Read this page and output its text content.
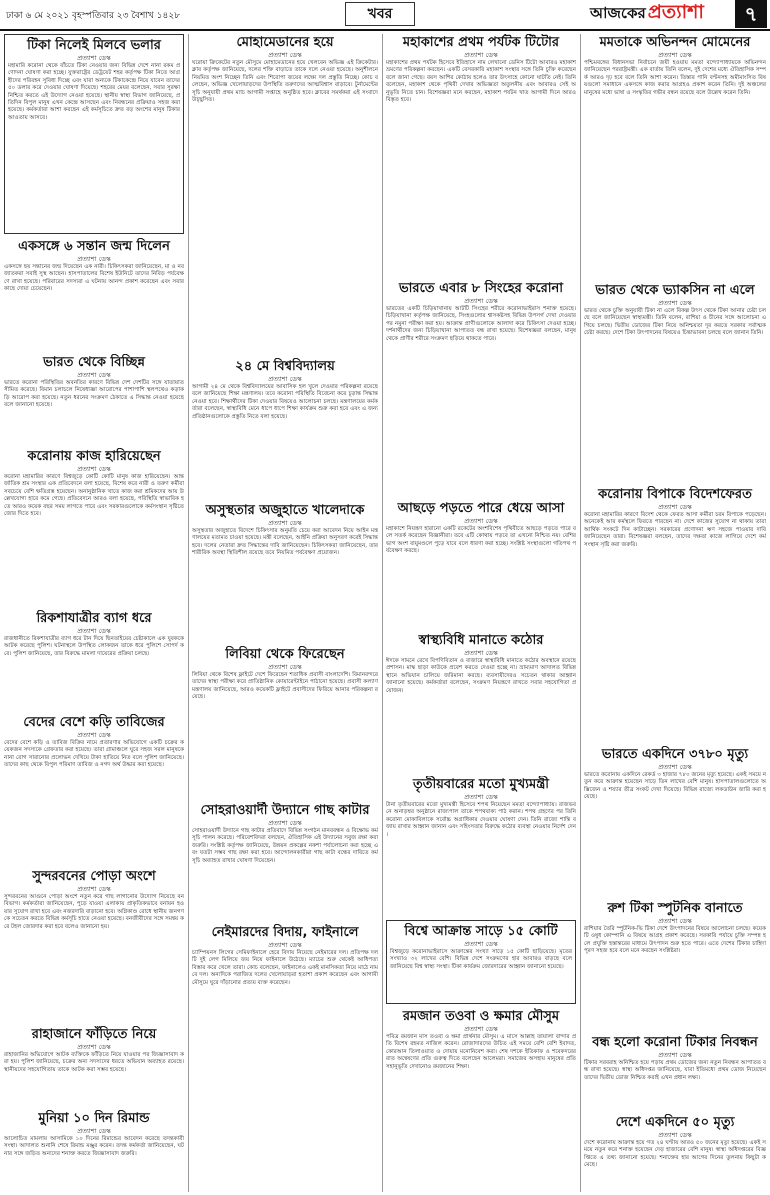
ঢাকা ৬ মে ২০২১ বৃহস্পতিবার ২৩ বৈশাখ ১৪২৮	খবর	আজকের প্রত্যাশা	৭
টিকা নিলেই মিলবে ভলার
প্রত্যাশা ডেস্ক
মহামারি করোনা থেকে বাঁচতে টিকা নেওয়ার জন্য বিভিন্ন দেশে নানা রকম প্রণোদনা ঘোষণা করা হচ্ছে। যুক্তরাষ্ট্রের ডেট্রয়েট শহর কর্তৃপক্ষ টিকা নিতে আগ্রহীদের পরিবহন সুবিধা দিচ্ছে এবং যারা অন্যকে টিকাকেন্দ্রে নিয়ে যাবেন তাদের ৫০ ডলার করে দেওয়ার ঘোষণা দিয়েছে। শহরের মেয়র বলেছেন, সবার সুরক্ষা নিশ্চিত করতে এই উদ্যোগ নেওয়া হয়েছে। স্থানীয় স্বাস্থ্য বিভাগ জানিয়েছে, প্রতিদিন বিপুল মানুষ এখন কেন্দ্রে আসছেন এবং নিবন্ধনের প্রক্রিয়াও সহজ করা হয়েছে। কর্মকর্তারা আশা করছেন এই কর্মসূচিতে দ্রুত বড় অংশের মানুষ টিকার আওতায় আসবে।
একসঙ্গে ৬ সন্তান জন্ম দিলেন
প্রত্যাশা ডেস্ক
একসঙ্গে ছয় সন্তানের জন্ম দিয়েছেন এক নারী। চিকিৎসকরা জানিয়েছেন, মা ও নবজাতকরা সবাই সুস্থ আছেন। হাসপাতালের বিশেষ ইউনিটে তাদের নিবিড় পর্যবেক্ষণে রাখা হয়েছে। পরিবারের সদস্যরা এ ঘটনায় আনন্দ প্রকাশ করেছেন এবং সবার কাছে দোয়া চেয়েছেন।
ভারত থেকে বিচ্ছিন্ন
প্রত্যাশা ডেস্ক
ভারতে করোনা পরিস্থিতির অবনতির কারণে বিভিন্ন দেশ দেশটির সঙ্গে যাতায়াত সীমিত করেছে। বিমান চলাচলে নিষেধাজ্ঞা আরোপের পাশাপাশি স্থলপথেও কড়াকড়ি আরোপ করা হয়েছে। নতুন ধরনের সংক্রমণ ঠেকাতে এ সিদ্ধান্ত নেওয়া হয়েছে বলে জানানো হয়েছে।
করোনায় কাজ হারিয়েছেন
প্রত্যাশা ডেস্ক
করোনা মহামারির কারণে বিশ্বজুড়ে কোটি কোটি মানুষ কাজ হারিয়েছেন। আন্তর্জাতিক শ্রম সংস্থার এক প্রতিবেদনে বলা হয়েছে, বিশেষ করে নারী ও তরুণ কর্মীরা সবচেয়ে বেশি ক্ষতিগ্রস্ত হয়েছেন। অনানুষ্ঠানিক খাতে কাজ করা শ্রমিকদের আয় উল্লেখযোগ্য হারে কমে গেছে। প্রতিবেদনে আরও বলা হয়েছে, পরিস্থিতি স্বাভাবিক হতে আরও কয়েক বছর সময় লাগতে পারে এবং সরকারগুলোকে কর্মসংস্থান সৃষ্টিতে জোর দিতে হবে।
রিকশাযাত্রীর ব্যাগ ধরে
প্রত্যাশা ডেস্ক
রাজধানীতে রিকশাযাত্রীর ব্যাগ ধরে টান দিয়ে ছিনতাইয়ের চেষ্টাকালে এক যুবককে আটক করেছে পুলিশ। ঘটনাস্থলে উপস্থিত লোকজন তাকে ধরে পুলিশে সোপর্দ করে। পুলিশ জানিয়েছে, তার বিরুদ্ধে মামলা দায়েরের প্রক্রিয়া চলছে।
বেদের বেশে কড়ি তাবিজের
প্রত্যাশা ডেস্ক
বেদের বেশে কড়ি ও তাবিজ বিক্রির নামে প্রতারণার অভিযোগে একটি চক্রের কয়েকজন সদস্যকে গ্রেফতার করা হয়েছে। তারা গ্রামাঞ্চলে ঘুরে সহজ সরল মানুষকে নানা রোগ সারানোর প্রলোভন দেখিয়ে টাকা হাতিয়ে নিত বলে পুলিশ জানিয়েছে। তাদের কাছ থেকে বিপুল পরিমাণ তাবিজ ও নগদ অর্থ উদ্ধার করা হয়েছে।
সুন্দরবনের পোড়া অংশে
প্রত্যাশা ডেস্ক
সুন্দরবনের আগুনে পোড়া অংশে নতুন করে গাছ লাগানোর উদ্যোগ নিয়েছে বন বিভাগ। কর্মকর্তারা জানিয়েছেন, পুড়ে যাওয়া এলাকায় প্রাকৃতিকভাবে বনায়ন হওয়ার সুযোগ রাখা হবে এবং নজরদারি বাড়ানো হবে। অগ্নিকাণ্ড রোধে স্থানীয় জনগণকে সচেতন করতে বিভিন্ন কর্মসূচি হাতে নেওয়া হয়েছে। বনজীবীদের সঙ্গে সমন্বয় করে টহল জোরদার করা হবে বলেও জানানো হয়।
রাহাজানে ফাঁড়িতে নিয়ে
প্রত্যাশা ডেস্ক
রাহাজানির অভিযোগে আটক ব্যক্তিকে ফাঁড়িতে নিয়ে যাওয়ার পর জিজ্ঞাসাবাদ করা হয়। পুলিশ জানিয়েছে, চক্রের অন্য সদস্যদের ধরতে অভিযান অব্যাহত রয়েছে। স্থানীয়দের সহযোগিতায় তাকে আটক করা সম্ভব হয়েছে।
মুনিয়া ১০ দিন রিমান্ড
প্রত্যাশা ডেস্ক
আলোচিত মামলায় আসামিকে ১০ দিনের রিমান্ডের আবেদন করেছে তদন্তকারী সংস্থা। আদালত শুনানি শেষে রিমান্ড মঞ্জুর করেন। তদন্ত কর্মকর্তা জানিয়েছেন, ঘটনার সঙ্গে জড়িত অন্যদের শনাক্ত করতে জিজ্ঞাসাবাদ জরুরি।
মোহামেডানের হয়ে
প্রত্যাশা ডেস্ক
ঘরোয়া ক্রিকেটের নতুন মৌসুমে মোহামেডানের হয়ে খেলবেন অভিজ্ঞ এই ক্রিকেটার। ক্লাব কর্তৃপক্ষ জানিয়েছে, দলের শক্তি বাড়াতে তাকে দলে নেওয়া হয়েছে। অনুশীলনে নিয়মিত অংশ নিচ্ছেন তিনি এবং শিরোপা জয়ের লক্ষ্যে দল প্রস্তুতি নিচ্ছে। কোচ বলেছেন, অভিজ্ঞ খেলোয়াড়দের উপস্থিতি তরুণদের আত্মবিশ্বাস বাড়াবে। টুর্নামেন্টের সূচি অনুযায়ী প্রথম ম্যাচ আগামী সপ্তাহে অনুষ্ঠিত হবে। ক্লাবের সমর্থকরা এই সংবাদে উচ্ছ্বসিত।
২৪ মে বিশ্ববিদ্যালয়
প্রত্যাশা ডেস্ক
আগামী ২৪ মে থেকে বিশ্ববিদ্যালয়ের আবাসিক হল খুলে দেওয়ার পরিকল্পনা রয়েছে বলে জানিয়েছে শিক্ষা মন্ত্রণালয়। তবে করোনা পরিস্থিতি বিবেচনা করে চূড়ান্ত সিদ্ধান্ত নেওয়া হবে। শিক্ষার্থীদের টিকা দেওয়ার বিষয়েও আলোচনা চলছে। মন্ত্রণালয়ের কর্মকর্তারা বলেছেন, স্বাস্থ্যবিধি মেনে ধাপে ধাপে শিক্ষা কার্যক্রম শুরু করা হবে এবং এ জন্য প্রতিষ্ঠানগুলোকে প্রস্তুতি নিতে বলা হয়েছে।
অসুস্থতার অজুহাতে খালেদাকে
প্রত্যাশা ডেস্ক
অসুস্থতার অজুহাতে বিদেশে চিকিৎসার অনুমতি চেয়ে করা আবেদন নিয়ে আইন মন্ত্রণালয়ের মতামত চাওয়া হয়েছে। মন্ত্রী বলেছেন, আইনি প্রক্রিয়া অনুসরণ করেই সিদ্ধান্ত হবে। দলের নেতারা দ্রুত সিদ্ধান্তের দাবি জানিয়েছেন। চিকিৎসকরা জানিয়েছেন, তার শারীরিক অবস্থা স্থিতিশীল রয়েছে তবে নিয়মিত পর্যবেক্ষণ প্রয়োজন।
লিবিয়া থেকে ফিরেছেন
প্রত্যাশা ডেস্ক
লিবিয়া থেকে বিশেষ ফ্লাইটে দেশে ফিরেছেন শতাধিক প্রবাসী বাংলাদেশি। বিমানবন্দরে তাদের স্বাস্থ্য পরীক্ষা করে প্রাতিষ্ঠানিক কোয়ারেন্টাইনে পাঠানো হয়েছে। প্রবাসী কল্যাণ মন্ত্রণালয় জানিয়েছে, আরও কয়েকটি ফ্লাইটে প্রবাসীদের ফিরিয়ে আনার পরিকল্পনা রয়েছে।
সোহরাওয়ার্দী উদ্যানে গাছ কাটার
প্রত্যাশা ডেস্ক
সোহরাওয়ার্দী উদ্যানে গাছ কাটার প্রতিবাদে বিভিন্ন সংগঠন মানববন্ধন ও বিক্ষোভ কর্মসূচি পালন করেছে। পরিবেশবিদরা বলছেন, ঐতিহাসিক এই উদ্যানের সবুজ রক্ষা করা জরুরি। সংশ্লিষ্ট কর্তৃপক্ষ জানিয়েছে, উন্নয়ন প্রকল্পের নকশা পর্যালোচনা করা হচ্ছে এবং যতটা সম্ভব গাছ রক্ষা করা হবে। আন্দোলনকারীরা গাছ কাটা বন্ধের দাবিতে কর্মসূচি অব্যাহত রাখার ঘোষণা দিয়েছেন।
নেইমারদের বিদায়, ফাইনালে
প্রত্যাশা ডেস্ক
চ্যাম্পিয়নস লিগের সেমিফাইনালে হেরে বিদায় নিয়েছে নেইমারের দল। প্রতিপক্ষ দলটি দুই লেগ মিলিয়ে জয় নিয়ে ফাইনালে উঠেছে। ম্যাচের শুরু থেকেই আধিপত্য বিস্তার করে খেলে তারা। কোচ বলেছেন, ফাইনালেও একই মানসিকতা নিয়ে মাঠে নামবে দল। অন্যদিকে পরাজিত দলের খেলোয়াড়রা হতাশা প্রকাশ করেছেন এবং আগামী মৌসুমে ঘুরে দাঁড়ানোর প্রত্যয় ব্যক্ত করেছেন।
মহাকাশের প্রথম পর্যটক টিটোর
প্রত্যাশা ডেস্ক
মহাকাশের প্রথম পর্যটক হিসেবে ইতিহাসে নাম লেখানো ডেনিস টিটো আবারও মহাকাশ ভ্রমণের পরিকল্পনা করছেন। একটি বেসরকারি মহাকাশ সংস্থার সঙ্গে তিনি চুক্তি করেছেন বলে জানা গেছে। বয়স আশির কোঠায় হলেও তার উৎসাহে কোনো ঘাটতি নেই। তিনি বলেছেন, মহাকাশ থেকে পৃথিবী দেখার অভিজ্ঞতা অতুলনীয় এবং আবারও সেই অনুভূতি নিতে চান। বিশেষজ্ঞরা মনে করছেন, মহাকাশ পর্যটন খাত আগামী দিনে আরও বিস্তৃত হবে।
ভারতে এবার ৮ সিংহের করোনা
প্রত্যাশা ডেস্ক
ভারতের একটি চিড়িয়াখানায় আটটি সিংহের শরীরে করোনাভাইরাস শনাক্ত হয়েছে। চিড়িয়াখানা কর্তৃপক্ষ জানিয়েছে, সিংহগুলোর শ্বাসকষ্টসহ বিভিন্ন উপসর্গ দেখা দেওয়ার পর নমুনা পরীক্ষা করা হয়। আক্রান্ত প্রাণীগুলোকে আলাদা করে চিকিৎসা দেওয়া হচ্ছে। দর্শনার্থীদের জন্য চিড়িয়াখানা আপাতত বন্ধ রাখা হয়েছে। বিশেষজ্ঞরা বলছেন, মানুষ থেকে প্রাণীর শরীরে সংক্রমণ ছড়িয়ে থাকতে পারে।
আছড়ে পড়তে পারে ধেয়ে আসা
প্রত্যাশা ডেস্ক
মহাকাশে নিয়ন্ত্রণ হারানো একটি রকেটের অংশবিশেষ পৃথিবীতে আছড়ে পড়তে পারে বলে সতর্ক করেছেন বিজ্ঞানীরা। তবে এটি কোথায় পড়বে তা এখনো নিশ্চিত নয়। বেশিরভাগ অংশ বায়ুমণ্ডলে পুড়ে যাবে বলে ধারণা করা হচ্ছে। সংশ্লিষ্ট সংস্থাগুলো গতিপথ পর্যবেক্ষণ করছে।
স্বাস্থ্যবিধি মানাতে কঠোর
প্রত্যাশা ডেস্ক
ঈদকে সামনে রেখে বিপণিবিতান ও বাজারে স্বাস্থ্যবিধি মানাতে কঠোর অবস্থানে রয়েছে প্রশাসন। মাস্ক ছাড়া কাউকে প্রবেশ করতে দেওয়া হচ্ছে না। ভ্রাম্যমাণ আদালত বিভিন্ন স্থানে অভিযান চালিয়ে জরিমানা করছে। ব্যবসায়ীদেরও সচেতন থাকার আহ্বান জানানো হয়েছে। কর্মকর্তারা বলেছেন, সংক্রমণ নিয়ন্ত্রণে রাখতে সবার সহযোগিতা প্রয়োজন।
তৃতীয়বারের মতো মুখ্যমন্ত্রী
প্রত্যাশা ডেস্ক
টানা তৃতীয়বারের মতো মুখ্যমন্ত্রী হিসেবে শপথ নিয়েছেন মমতা বন্দ্যোপাধ্যায়। রাজভবনে অনাড়ম্বর অনুষ্ঠানে রাজ্যপাল তাকে শপথবাক্য পাঠ করান। শপথ গ্রহণের পর তিনি করোনা মোকাবিলাকে সর্বোচ্চ অগ্রাধিকার দেওয়ার ঘোষণা দেন। তিনি রাজ্যে শান্তি বজায় রাখার আহ্বান জানান এবং সহিংসতার বিরুদ্ধে কঠোর ব্যবস্থা নেওয়ার নির্দেশ দেন।
বিশ্বে আক্রান্ত সাড়ে ১৫ কোটি
প্রত্যাশা ডেস্ক
বিশ্বজুড়ে করোনাভাইরাসে আক্রান্তের সংখ্যা সাড়ে ১৫ কোটি ছাড়িয়েছে। মৃতের সংখ্যাও ৩২ লাখের বেশি। বিভিন্ন দেশে সংক্রমণের হার আবারও বাড়ছে বলে জানিয়েছে বিশ্ব স্বাস্থ্য সংস্থা। টিকা কার্যক্রম জোরদারের আহ্বান জানানো হয়েছে।
রমজান তওবা ও ক্ষমার মৌসুম
প্রত্যাশা ডেস্ক
পবিত্র রমজান মাস তওবা ও ক্ষমা প্রার্থনার মৌসুম। এ মাসে আল্লাহ তায়ালা বান্দার প্রতি বিশেষ রহমত নাজিল করেন। রোজাদারদের উচিত এই সময়ে বেশি বেশি ইবাদত, কোরআন তিলাওয়াত ও দোয়ায় মনোনিবেশ করা। শেষ দশকে ইতিকাফ ও শবেকদরের রাত অন্বেষণের প্রতি গুরুত্ব দিতে বলেছেন আলেমরা। সমাজের অসহায় মানুষের প্রতি সহানুভূতি দেখানোও রমজানের শিক্ষা।
মমতাকে অভিনন্দন মোমেনের
প্রত্যাশা ডেস্ক
পশ্চিমবঙ্গের বিধানসভা নির্বাচনে জয়ী হওয়ায় মমতা বন্দ্যোপাধ্যায়কে অভিনন্দন জানিয়েছেন পররাষ্ট্রমন্ত্রী। এক বার্তায় তিনি বলেন, দুই দেশের মধ্যে ঐতিহাসিক সম্পর্ক আরও দৃঢ় হবে বলে তিনি আশা করেন। তিস্তার পানি বণ্টনসহ অমীমাংসিত বিষয়গুলো সমাধানে একসঙ্গে কাজ করার আগ্রহও প্রকাশ করেন তিনি। দুই অঞ্চলের মানুষের মধ্যে ভাষা ও সংস্কৃতির গভীর বন্ধন রয়েছে বলে উল্লেখ করেন তিনি।
ভারত থেকে ভ্যাকসিন না এলে
প্রত্যাশা ডেস্ক
ভারত থেকে চুক্তি অনুযায়ী টিকা না এলে বিকল্প উৎস থেকে টিকা আনার চেষ্টা চলছে বলে জানিয়েছেন স্বাস্থ্যমন্ত্রী। তিনি বলেন, রাশিয়া ও চীনের সঙ্গে আলোচনা এগিয়ে চলছে। দ্বিতীয় ডোজের টিকা নিয়ে অনিশ্চয়তা দূর করতে সরকার সর্বাত্মক চেষ্টা করছে। দেশে টিকা উৎপাদনের বিষয়েও চিন্তাভাবনা চলছে বলে জানান তিনি।
করোনায় বিপাকে বিদেশফেরত
প্রত্যাশা ডেস্ক
করোনা মহামারির কারণে বিদেশ থেকে ফেরত আসা কর্মীরা চরম বিপাকে পড়েছেন। অনেকেই আর কর্মস্থলে ফিরতে পারছেন না। দেশে কাজের সুযোগ না থাকায় তারা আর্থিক সংকটে দিন কাটাচ্ছেন। সরকারের প্রণোদনা ঋণ সহজে পাওয়ার দাবি জানিয়েছেন তারা। বিশেষজ্ঞরা বলছেন, তাদের দক্ষতা কাজে লাগিয়ে দেশে কর্মসংস্থান সৃষ্টি করা জরুরি।
ভারতে একদিনে ৩৭৮০ মৃত্যু
প্রত্যাশা ডেস্ক
ভারতে করোনায় একদিনে রেকর্ড ৩ হাজার ৭৮০ জনের মৃত্যু হয়েছে। একই সময়ে নতুন করে আক্রান্ত হয়েছেন সাড়ে তিন লাখের বেশি মানুষ। হাসপাতালগুলোতে অক্সিজেন ও শয্যার তীব্র সংকট দেখা দিয়েছে। বিভিন্ন রাজ্যে লকডাউন জারি করা হয়েছে।
রুশ টিকা স্পুটনিক বানাতে
প্রত্যাশা ডেস্ক
রাশিয়ার তৈরি স্পুটনিক-ভি টিকা দেশে উৎপাদনের বিষয়ে আলোচনা চলছে। কয়েকটি ওষুধ কোম্পানি এ বিষয়ে আগ্রহ প্রকাশ করেছে। সরকারি পর্যায়ে চুক্তি সম্পন্ন হলে প্রযুক্তি হস্তান্তরের মাধ্যমে উৎপাদন শুরু হতে পারে। এতে দেশের টিকার চাহিদা পূরণ সহজ হবে বলে মনে করছেন সংশ্লিষ্টরা।
বন্ধ হলো করোনা টিকার নিবন্ধন
প্রত্যাশা ডেস্ক
টিকার সরবরাহ অনিশ্চিত হয়ে পড়ায় প্রথম ডোজের জন্য নতুন নিবন্ধন আপাতত বন্ধ রাখা হয়েছে। স্বাস্থ্য অধিদপ্তর জানিয়েছে, যারা ইতিমধ্যে প্রথম ডোজ নিয়েছেন তাদের দ্বিতীয় ডোজ নিশ্চিত করাই এখন প্রধান লক্ষ্য।
দেশে একদিনে ৫০ মৃত্যু
প্রত্যাশা ডেস্ক
দেশে করোনায় আক্রান্ত হয়ে গত ২৪ ঘণ্টায় আরও ৫০ জনের মৃত্যু হয়েছে। একই সময়ে নতুন করে শনাক্ত হয়েছেন দেড় হাজারের বেশি মানুষ। স্বাস্থ্য অধিদপ্তরের বিজ্ঞপ্তিতে এ তথ্য জানানো হয়েছে। শনাক্তের হার আগের দিনের তুলনায় কিছুটা কমেছে।
